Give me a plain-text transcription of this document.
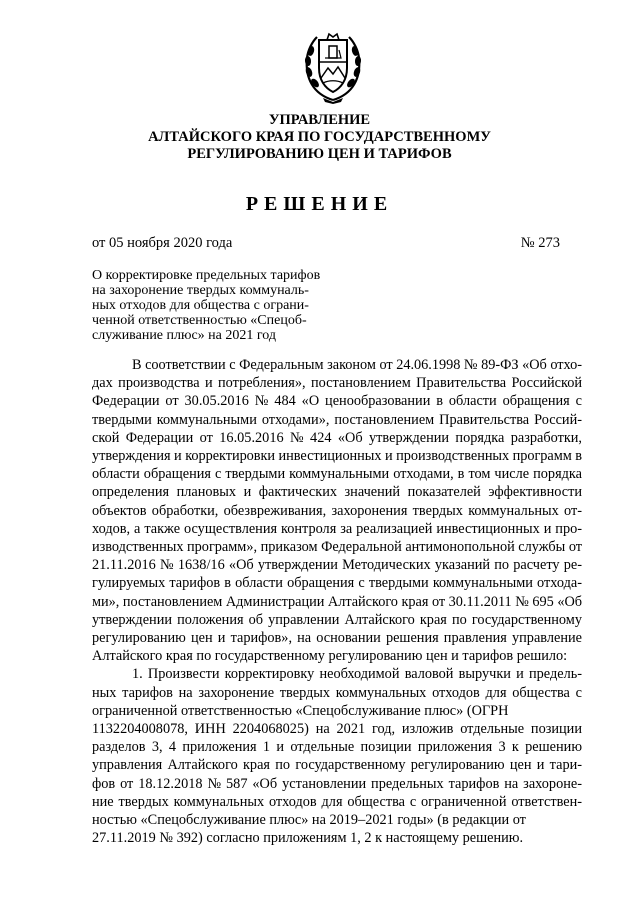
УПРАВЛЕНИЕ
АЛТАЙСКОГО КРАЯ ПО ГОСУДАРСТВЕННОМУ
РЕГУЛИРОВАНИЮ ЦЕН И ТАРИФОВ
РЕШЕНИЕ
от 05 ноября 2020 года	№ 273
О корректировке предельных тарифов
на захоронение твердых коммуналь-
ных отходов для общества с ограни-
ченной ответственностью «Спецоб-
служивание плюс» на 2021 год
В соответствии с Федеральным законом от 24.06.1998 № 89-ФЗ «Об отхо-
дах производства и потребления», постановлением Правительства Российской
Федерации от 30.05.2016 № 484 «О ценообразовании в области обращения с
твердыми коммунальными отходами», постановлением Правительства Россий-
ской Федерации от 16.05.2016 № 424 «Об утверждении порядка разработки,
утверждения и корректировки инвестиционных и производственных программ в
области обращения с твердыми коммунальными отходами, в том числе порядка
определения плановых и фактических значений показателей эффективности
объектов обработки, обезвреживания, захоронения твердых коммунальных от-
ходов, а также осуществления контроля за реализацией инвестиционных и про-
изводственных программ», приказом Федеральной антимонопольной службы от
21.11.2016 № 1638/16 «Об утверждении Методических указаний по расчету ре-
гулируемых тарифов в области обращения с твердыми коммунальными отхода-
ми», постановлением Администрации Алтайского края от 30.11.2011 № 695 «Об
утверждении положения об управлении Алтайского края по государственному
регулированию цен и тарифов», на основании решения правления управление
Алтайского края по государственному регулированию цен и тарифов решило:
1. Произвести корректировку необходимой валовой выручки и предель-
ных тарифов на захоронение твердых коммунальных отходов для общества с
ограниченной ответственностью «Спецобслуживание плюс» (ОГРН
1132204008078, ИНН 2204068025) на 2021 год, изложив отдельные позиции
разделов 3, 4 приложения 1 и отдельные позиции приложения 3 к решению
управления Алтайского края по государственному регулированию цен и тари-
фов от 18.12.2018 № 587 «Об установлении предельных тарифов на захороне-
ние твердых коммунальных отходов для общества с ограниченной ответствен-
ностью «Спецобслуживание плюс» на 2019–2021 годы» (в редакции от
27.11.2019 № 392) согласно приложениям 1, 2 к настоящему решению.
